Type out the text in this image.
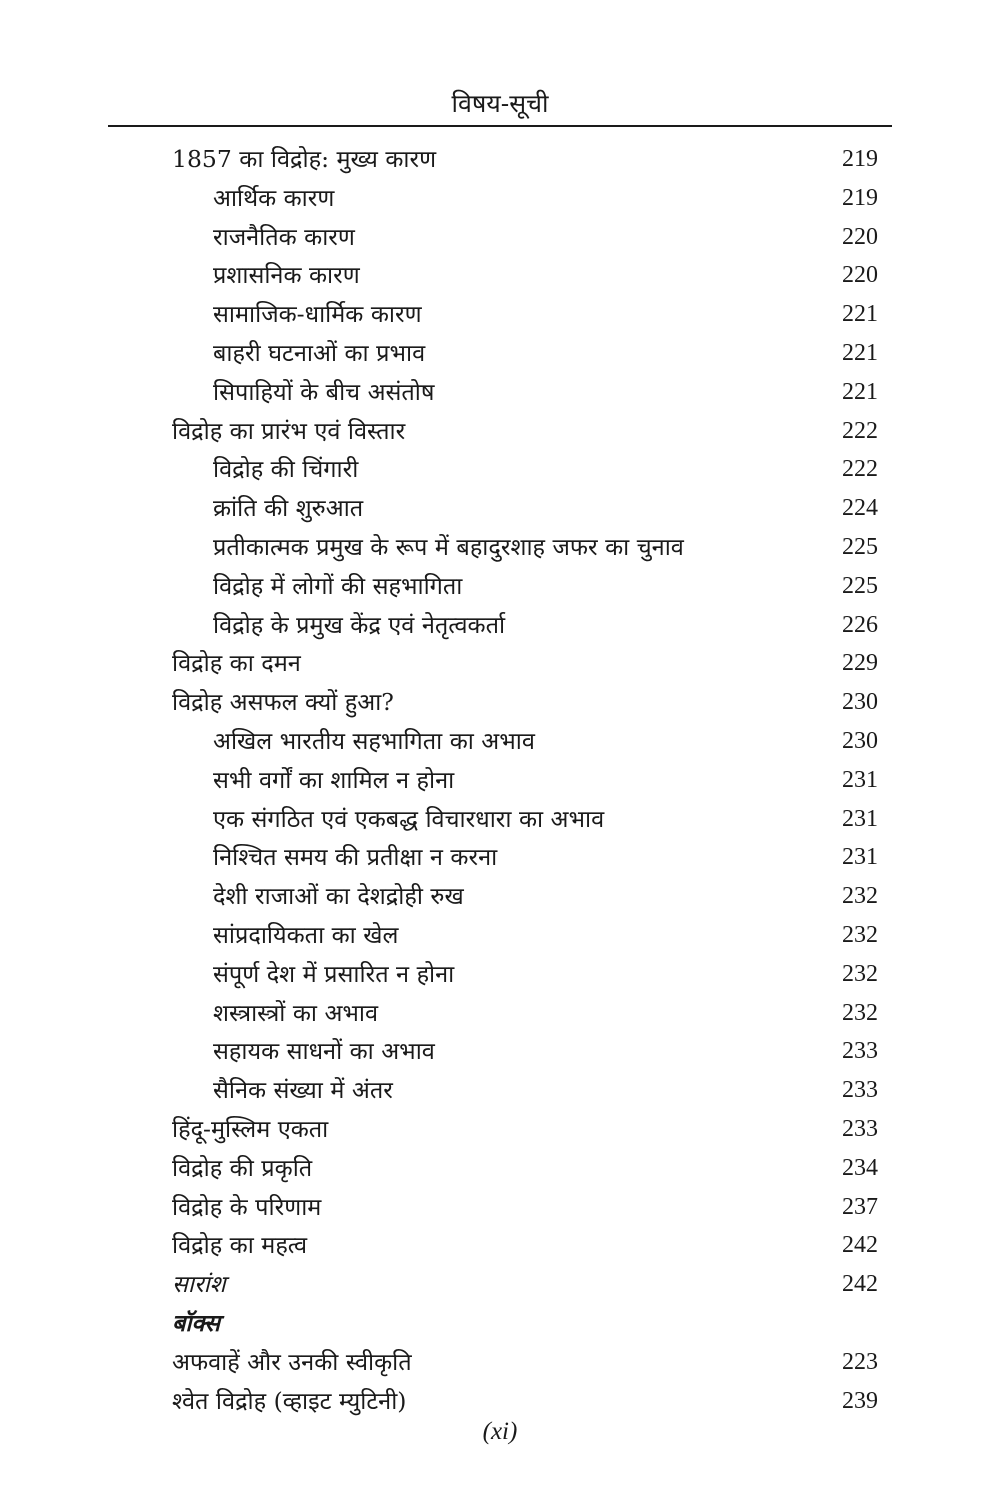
विषय-सूची
1857 का विद्रोह: मुख्य कारण	219
आर्थिक कारण	219
राजनैतिक कारण	220
प्रशासनिक कारण	220
सामाजिक-धार्मिक कारण	221
बाहरी घटनाओं का प्रभाव	221
सिपाहियों के बीच असंतोष	221
विद्रोह का प्रारंभ एवं विस्तार	222
विद्रोह की चिंगारी	222
क्रांति की शुरुआत	224
प्रतीकात्मक प्रमुख के रूप में बहादुरशाह जफर का चुनाव	225
विद्रोह में लोगों की सहभागिता	225
विद्रोह के प्रमुख केंद्र एवं नेतृत्वकर्ता	226
विद्रोह का दमन	229
विद्रोह असफल क्यों हुआ?	230
अखिल भारतीय सहभागिता का अभाव	230
सभी वर्गों का शामिल न होना	231
एक संगठित एवं एकबद्ध विचारधारा का अभाव	231
निश्चित समय की प्रतीक्षा न करना	231
देशी राजाओं का देशद्रोही रुख	232
सांप्रदायिकता का खेल	232
संपूर्ण देश में प्रसारित न होना	232
शस्त्रास्त्रों का अभाव	232
सहायक साधनों का अभाव	233
सैनिक संख्या में अंतर	233
हिंदू-मुस्लिम एकता	233
विद्रोह की प्रकृति	234
विद्रोह के परिणाम	237
विद्रोह का महत्व	242
सारांश	242
बॉक्स
अफवाहें और उनकी स्वीकृति	223
श्वेत विद्रोह (व्हाइट म्युटिनी)	239
(xi)
